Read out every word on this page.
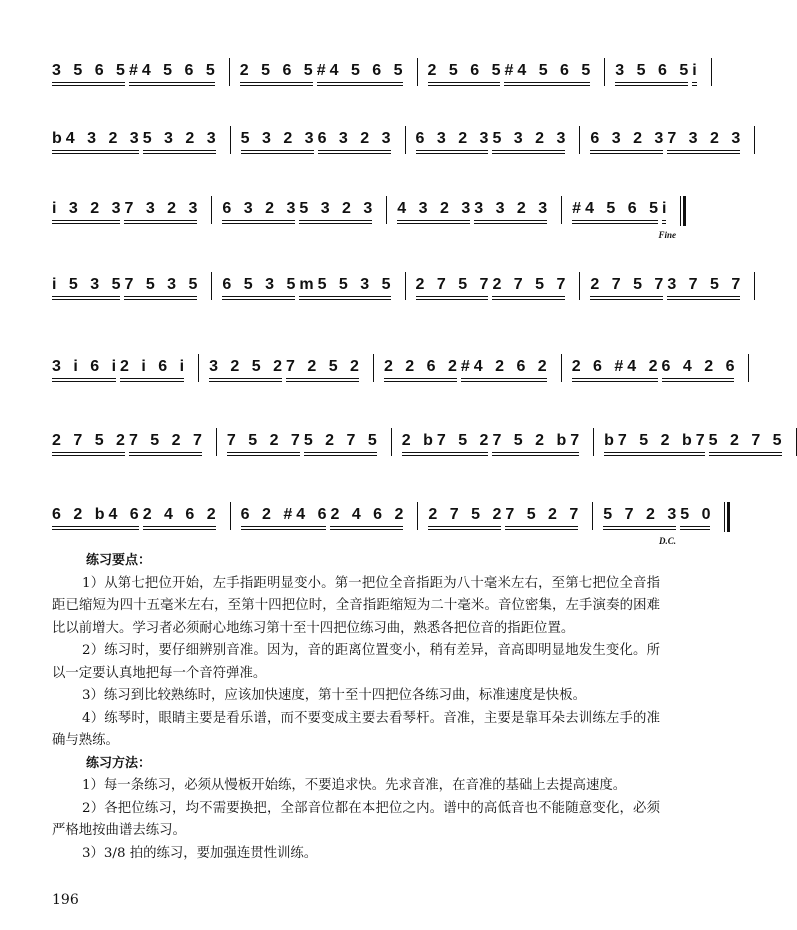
3 5 6 5 #4 5 6 5 2 5 6 5 #4 5 6 5 2 5 6 5 #4 5 6 5 3 5 6 5 i
b4 3 2 3 5 3 2 3 5 3 2 3 6 3 2 3 6 3 2 3 5 3 2 3 6 3 2 3 7 3 2 3
i 3 2 3 7 3 2 3 6 3 2 3 5 3 2 3 4 3 2 3 3 3 2 3 #4 5 6 5 i
Fine
i 5 3 5 7 5 3 5 6 5 3 5 m5 5 3 5 2 7 5 7 2 7 5 7 2 7 5 7 3 7 5 7
3 i 6 i 2 i 6 i 3 2 5 2 7 2 5 2 2 2 6 2 #4 2 6 2 2 6 #4 2 6 4 2 6
2 7 5 2 7 5 2 7 7 5 2 7 5 2 7 5 2 b7 5 2 7 5 2 b7 b7 5 2 b7 5 2 7 5
6 2 b4 6 2 4 6 2 6 2 #4 6 2 4 6 2 2 7 5 2 7 5 2 7 5 7 2 3 5 0
D.C.
练习要点：

1）从第七把位开始，左手指距明显变小。第一把位全音指距为八十毫米左右，至第七把位全音指距已缩短为四十五毫米左右，至第十四把位时，全音指距缩短为二十毫米。音位密集，左手演奏的困难比以前增大。学习者必须耐心地练习第十至十四把位练习曲，熟悉各把位音的指距位置。

2）练习时，要仔细辨别音准。因为，音的距离位置变小，稍有差异，音高即明显地发生变化。所以一定要认真地把每一个音符弹准。

3）练习到比较熟练时，应该加快速度，第十至十四把位各练习曲，标准速度是快板。

4）练琴时，眼睛主要是看乐谱，而不要变成主要去看琴杆。音准，主要是靠耳朵去训练左手的准确与熟练。

练习方法：

1）每一条练习，必须从慢板开始练，不要追求快。先求音准，在音准的基础上去提高速度。

2）各把位练习，均不需要换把，全部音位都在本把位之内。谱中的高低音也不能随意变化，必须严格地按曲谱去练习。

3）3/8 拍的练习，要加强连贯性训练。

196
